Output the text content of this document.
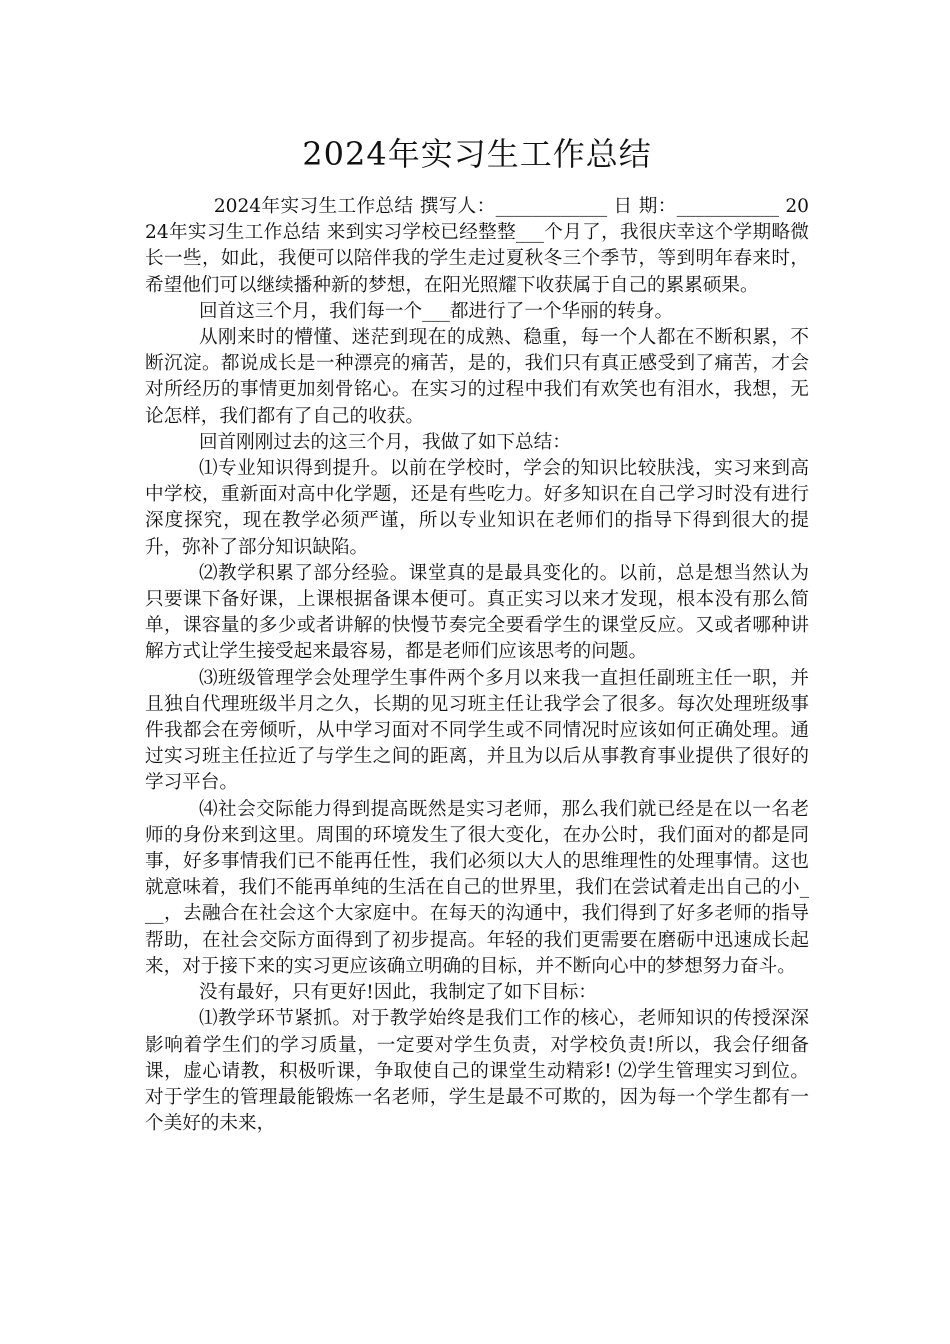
2024年实习生工作总结

2024年实习生工作总结 撰写人：____________ 日 期：___________ 2024年实习生工作总结 来到实习学校已经整整___个月了，我很庆幸这个学期略微长一些，如此，我便可以陪伴我的学生走过夏秋冬三个季节，等到明年春来时，希望他们可以继续播种新的梦想，在阳光照耀下收获属于自己的累累硕果。

回首这三个月，我们每一个___都进行了一个华丽的转身。

从刚来时的懵懂、迷茫到现在的成熟、稳重，每一个人都在不断积累，不断沉淀。都说成长是一种漂亮的痛苦，是的，我们只有真正感受到了痛苦，才会对所经历的事情更加刻骨铭心。在实习的过程中我们有欢笑也有泪水，我想，无论怎样，我们都有了自己的收获。

回首刚刚过去的这三个月，我做了如下总结：

⑴专业知识得到提升。以前在学校时，学会的知识比较肤浅，实习来到高中学校，重新面对高中化学题，还是有些吃力。好多知识在自己学习时没有进行深度探究，现在教学必须严谨，所以专业知识在老师们的指导下得到很大的提升，弥补了部分知识缺陷。

⑵教学积累了部分经验。课堂真的是最具变化的。以前，总是想当然认为只要课下备好课，上课根据备课本便可。真正实习以来才发现，根本没有那么简单，课容量的多少或者讲解的快慢节奏完全要看学生的课堂反应。又或者哪种讲解方式让学生接受起来最容易，都是老师们应该思考的问题。

⑶班级管理学会处理学生事件两个多月以来我一直担任副班主任一职，并且独自代理班级半月之久，长期的见习班主任让我学会了很多。每次处理班级事件我都会在旁倾听，从中学习面对不同学生或不同情况时应该如何正确处理。通过实习班主任拉近了与学生之间的距离，并且为以后从事教育事业提供了很好的学习平台。

⑷社会交际能力得到提高既然是实习老师，那么我们就已经是在以一名老师的身份来到这里。周围的环境发生了很大变化，在办公时，我们面对的都是同事，好多事情我们已不能再任性，我们必须以大人的思维理性的处理事情。这也就意味着，我们不能再单纯的生活在自己的世界里，我们在尝试着走出自己的小___，去融合在社会这个大家庭中。在每天的沟通中，我们得到了好多老师的指导帮助，在社会交际方面得到了初步提高。年轻的我们更需要在磨砺中迅速成长起来，对于接下来的实习更应该确立明确的目标，并不断向心中的梦想努力奋斗。

没有最好，只有更好!因此，我制定了如下目标：

⑴教学环节紧抓。对于教学始终是我们工作的核心，老师知识的传授深深影响着学生们的学习质量，一定要对学生负责，对学校负责!所以，我会仔细备课，虚心请教，积极听课，争取使自己的课堂生动精彩! ⑵学生管理实习到位。对于学生的管理最能锻炼一名老师，学生是最不可欺的，因为每一个学生都有一个美好的未来，
